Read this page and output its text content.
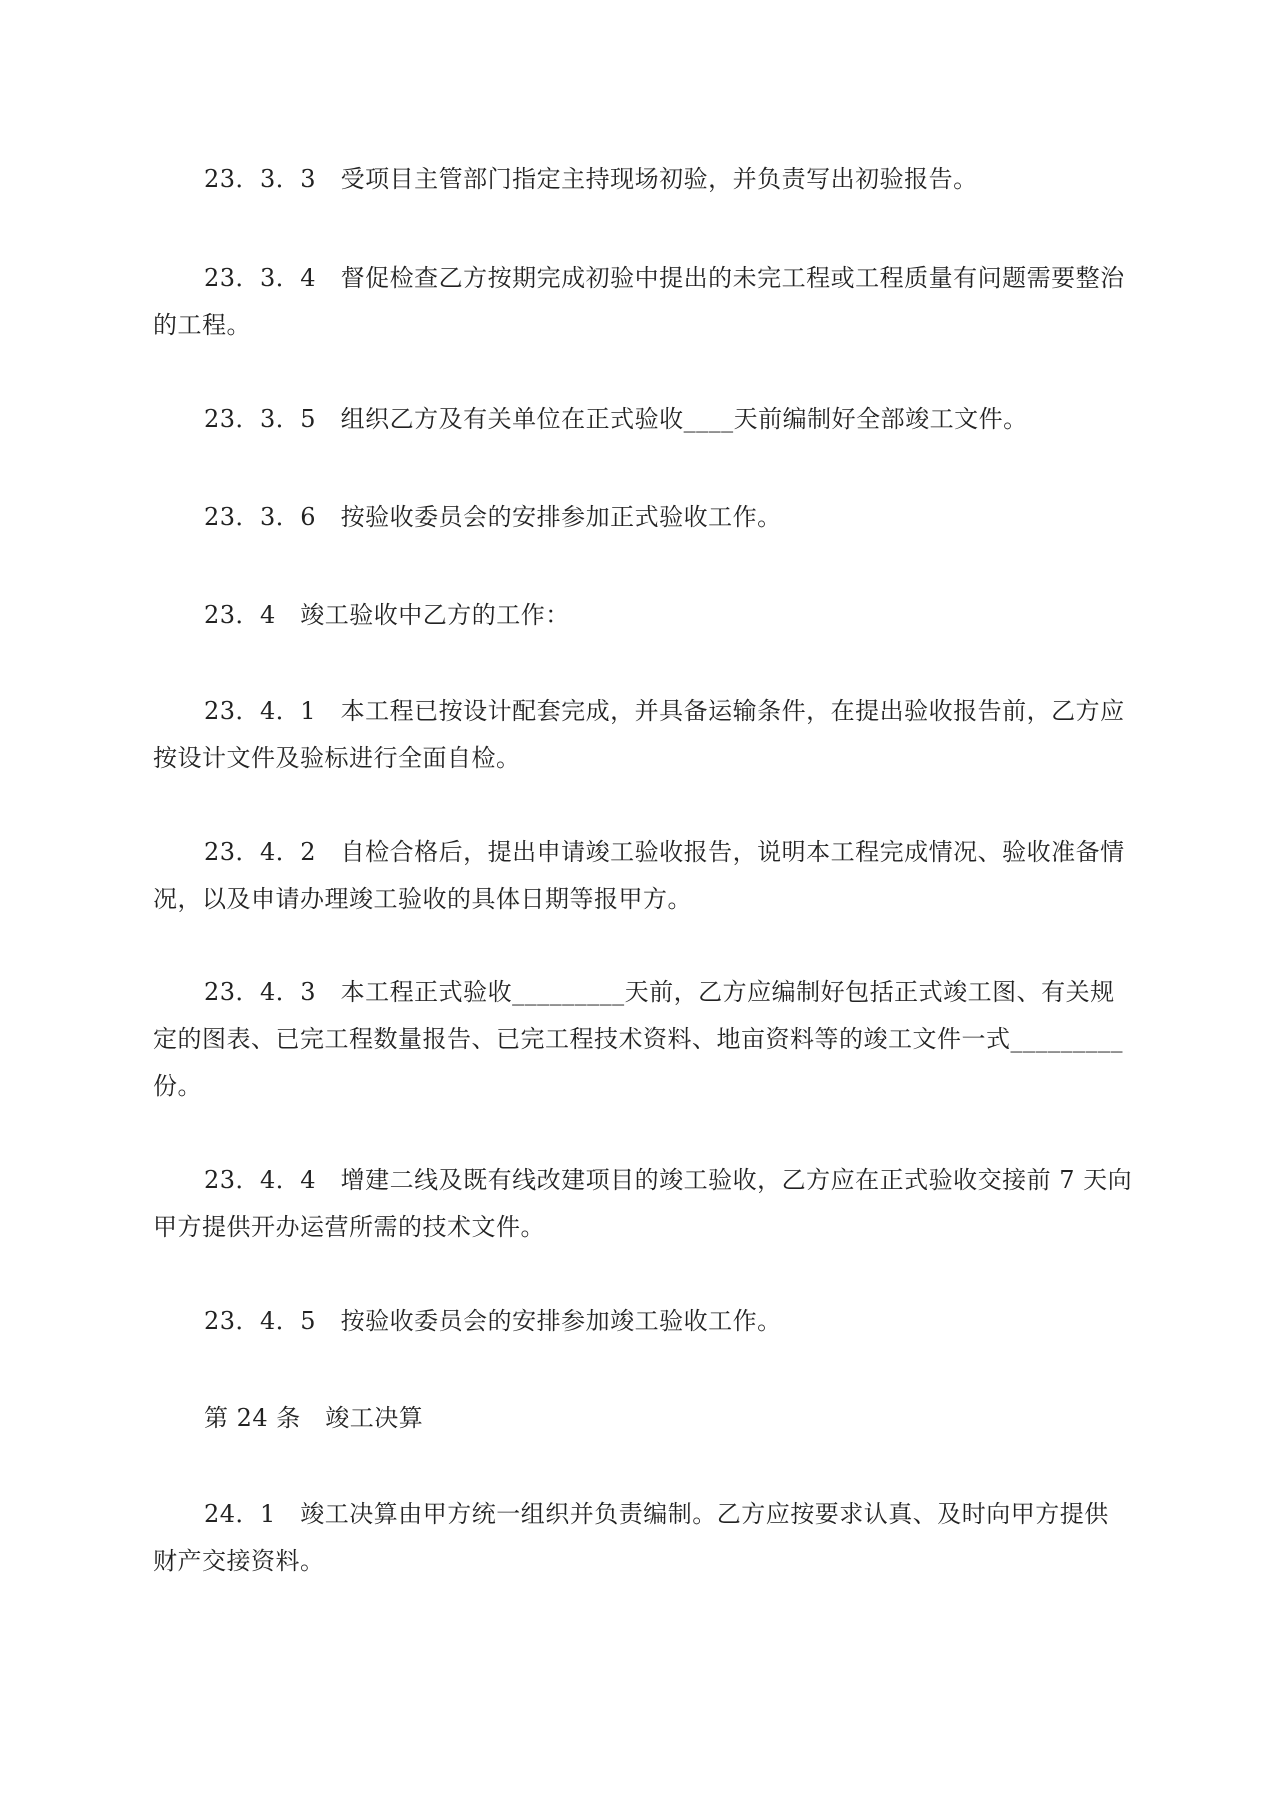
23．3．3　受项目主管部门指定主持现场初验，并负责写出初验报告。

23．3．4　督促检查乙方按期完成初验中提出的未完工程或工程质量有问题需要整治的工程。

23．3．5　组织乙方及有关单位在正式验收____天前编制好全部竣工文件。

23．3．6　按验收委员会的安排参加正式验收工作。

23．4　竣工验收中乙方的工作：

23．4．1　本工程已按设计配套完成，并具备运输条件，在提出验收报告前，乙方应按设计文件及验标进行全面自检。

23．4．2　自检合格后，提出申请竣工验收报告，说明本工程完成情况、验收准备情况，以及申请办理竣工验收的具体日期等报甲方。

23．4．3　本工程正式验收_________天前，乙方应编制好包括正式竣工图、有关规定的图表、已完工程数量报告、已完工程技术资料、地亩资料等的竣工文件一式_________份。

23．4．4　增建二线及既有线改建项目的竣工验收，乙方应在正式验收交接前 7 天向甲方提供开办运营所需的技术文件。

23．4．5　按验收委员会的安排参加竣工验收工作。

第 24 条　竣工决算

24．1　竣工决算由甲方统一组织并负责编制。乙方应按要求认真、及时向甲方提供财产交接资料。
